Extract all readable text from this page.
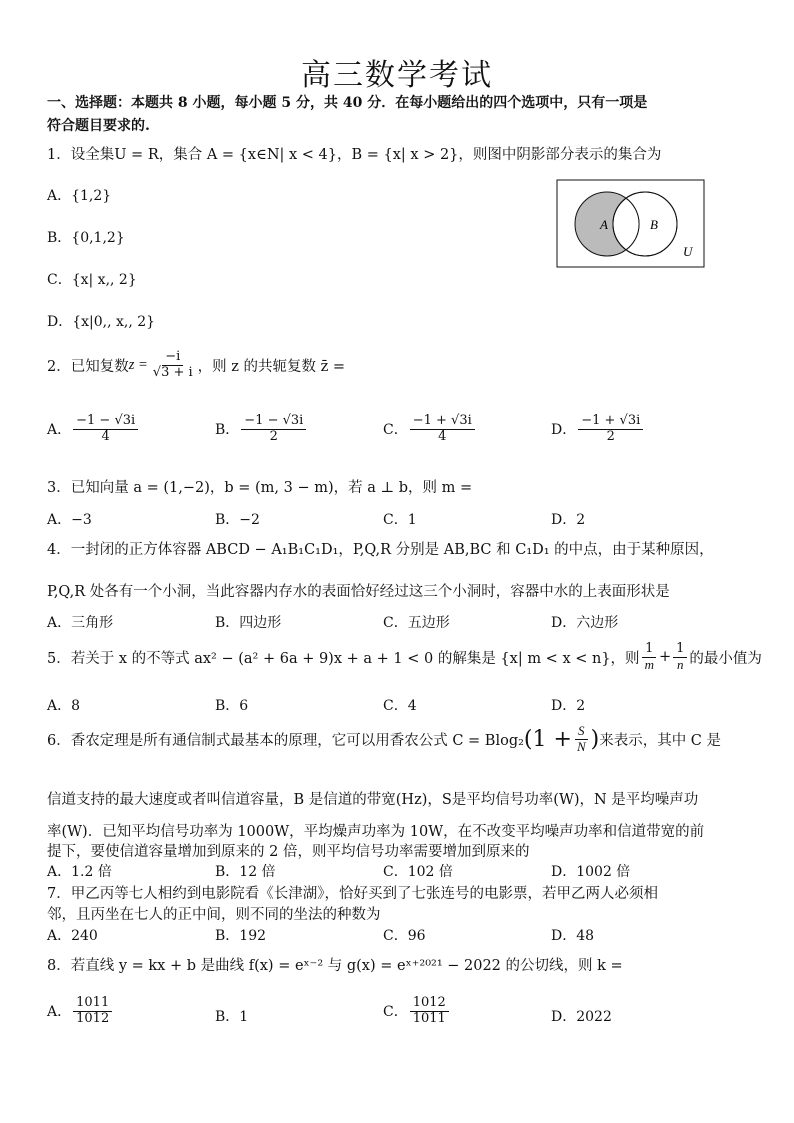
高三数学考试
一、选择题：本题共 8 小题，每小题 5 分，共 40 分．在每小题给出的四个选项中，只有一项是
符合题目要求的.
1．设全集U = R，集合 A = {x∈N| x < 4}，B = {x| x > 2}，则图中阴影部分表示的集合为
A．{1,2}
B．{0,1,2}
C．{x| x,, 2}
D．{x|0,, x,, 2}
A	B
U
2．已知复数 $z = \frac{-i}{√3 + i}$ ，则 z 的共轭复数 z̄ =
A． $\frac{-1 - √3i}{4}$	B． $\frac{-1 - √3i}{2}$	C． $\frac{-1 + √3i}{4}$	D． $\frac{-1 + √3i}{2}$
3．已知向量 a = (1,−2)，b = (m, 3 − m)，若 a ⊥ b，则 m =
A．−3	B．−2	C．1	D．2
4．一封闭的正方体容器 ABCD − A₁B₁C₁D₁，P,Q,R 分别是 AB,BC 和 C₁D₁ 的中点，由于某种原因，
P,Q,R 处各有一个小洞，当此容器内存水的表面恰好经过这三个小洞时，容器中水的上表面形状是
A．三角形	B．四边形	C．五边形	D．六边形
5．若关于 x 的不等式 ax² − (a² + 6a + 9)x + a + 1 < 0 的解集是 {x| m < x < n}，则 $\frac{1}{m} + \frac{1}{n}$ 的最小值为
A．8	B．6	C．4	D．2
6．香农定理是所有通信制式最基本的原理，它可以用香农公式 C = Blog₂ ($1 + \frac{S}{N}$ ) 来表示，其中 C 是
信道支持的最大速度或者叫信道容量，B 是信道的带宽(Hz)，S是平均信号功率(W)，N 是平均噪声功
率(W)．已知平均信号功率为 1000W，平均燥声功率为 10W，在不改变平均噪声功率和信道带宽的前
提下，要使信道容量增加到原来的 2 倍，则平均信号功率需要增加到原来的
A．1.2 倍	B．12 倍	C．102 倍	D．1002 倍
7．甲乙丙等七人相约到电影院看《长津湖》，恰好买到了七张连号的电影票，若甲乙两人必须相
邻，且丙坐在七人的正中间，则不同的坐法的种数为
A．240	B．192	C．96	D．48
8．若直线 y = kx + b 是曲线 f(x) = eˣ⁻² 与 g(x) = eˣ⁺²⁰²¹ − 2022 的公切线，则 k =
A． $\frac{1011}{1012}$	B．1	C． $\frac{1012}{1011}$	D．2022
